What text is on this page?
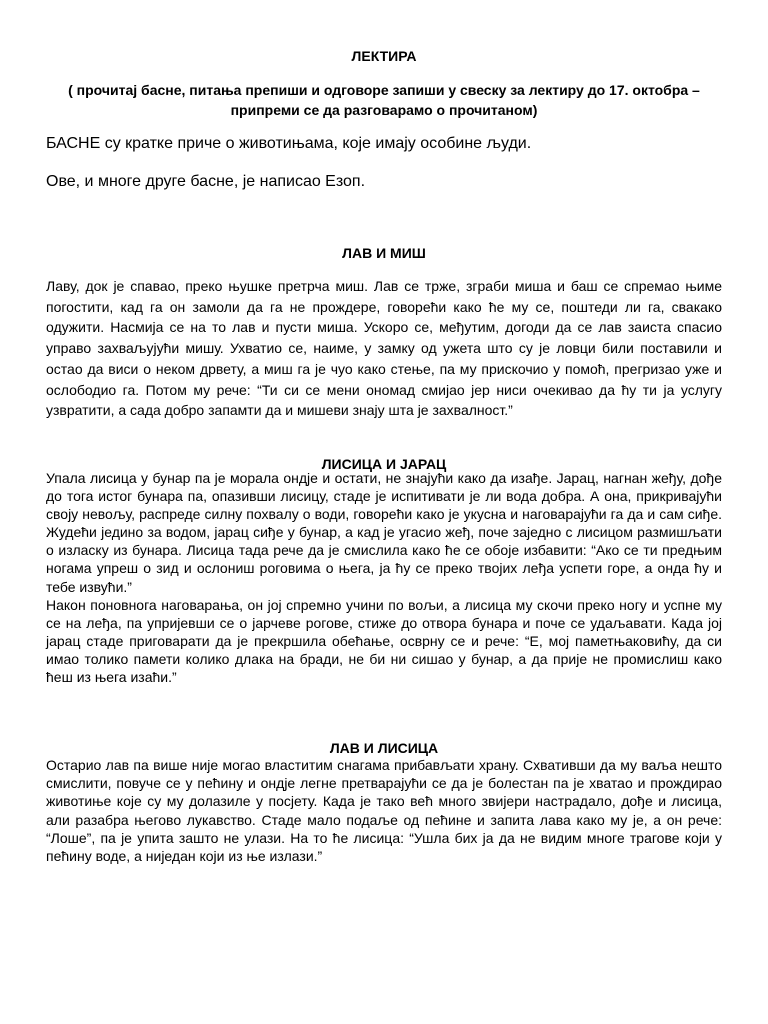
ЛЕКТИРА
( прочитај басне, питања препиши и одговоре запиши у свеску за лектиру до 17. октобра – припреми се да разговарамо о прочитаном)
БАСНЕ су кратке приче о животињама, које имају особине људи.
Ове, и многе друге басне, је написао Езоп.
ЛАВ И МИШ

Лаву, док је спавао, преко њушке претрча миш. Лав се трже, зграби миша и баш се спремао њиме погостити, кад га он замоли да га не прождере, говорећи како ће му се, поштеди ли га, свакако одужити. Насмија се на то лав и пусти миша. Ускоро се, међутим, догоди да се лав заиста спасио управо захваљујући мишу. Ухватио се, наиме, у замку од ужета што су је ловци били поставили и остао да виси о неком дрвету, а миш га је чуо како стење, па му прискочио у помоћ, прегризао уже и ослободио га. Потом му рече: “Ти си се мени ономад смијао јер ниси очекивао да ћу ти ја услугу узвратити, а сада добро запамти да и мишеви знају шта је захвалност.”

ЛИСИЦА И ЈАРАЦ

Упала лисица у бунар па је морала ондје и остати, не знајући како да изађе. Јарац, нагнан жеђу, дође до тога истог бунара па, опазивши лисицу, стаде је испитивати је ли вода добра. А она, прикривајући своју невољу, распреде силну похвалу о води, говорећи како је укусна и наговарајући га да и сам сиђе. Жудећи једино за водом, јарац сиђе у бунар, а кад је угасио жеђ, поче заједно с лисицом размишљати о изласку из бунара. Лисица тада рече да је смислила како ће се обоје избавити: “Ако се ти предњим ногама упреш о зид и ослониш роговима о њега, ја ћу се преко твојих леђа успети горе, а онда ћу и тебе извући.”

Након поновнога наговарања, он јој спремно учини по вољи, а лисица му скочи преко ногу и успне му се на леђа, па упријевши се о јарчеве рогове, стиже до отвора бунара и поче се удаљавати. Када јој јарац стаде приговарати да је прекршила обећање, осврну се и рече: “Е, мој паметњаковићу, да си имао толико памети колико длака на бради, не би ни сишао у бунар, а да прије не промислиш како ћеш из њега изаћи.”

ЛАВ И ЛИСИЦА

Остарио лав па више није могао властитим снагама прибављати храну. Схвативши да му ваља нешто смислити, повуче се у пећину и ондје легне претварајући се да је болестан па је хватао и прождирао животиње које су му долазиле у посјету. Када је тако већ много звијери настрадало, дође и лисица, али разабра његово лукавство. Стаде мало подаље од пећине и запита лава како му је, а он рече: “Лоше”, па је упита зашто не улази. На то ће лисица: “Ушла бих ја да не видим многе трагове који у пећину воде, а ниједан који из ње излази.”
